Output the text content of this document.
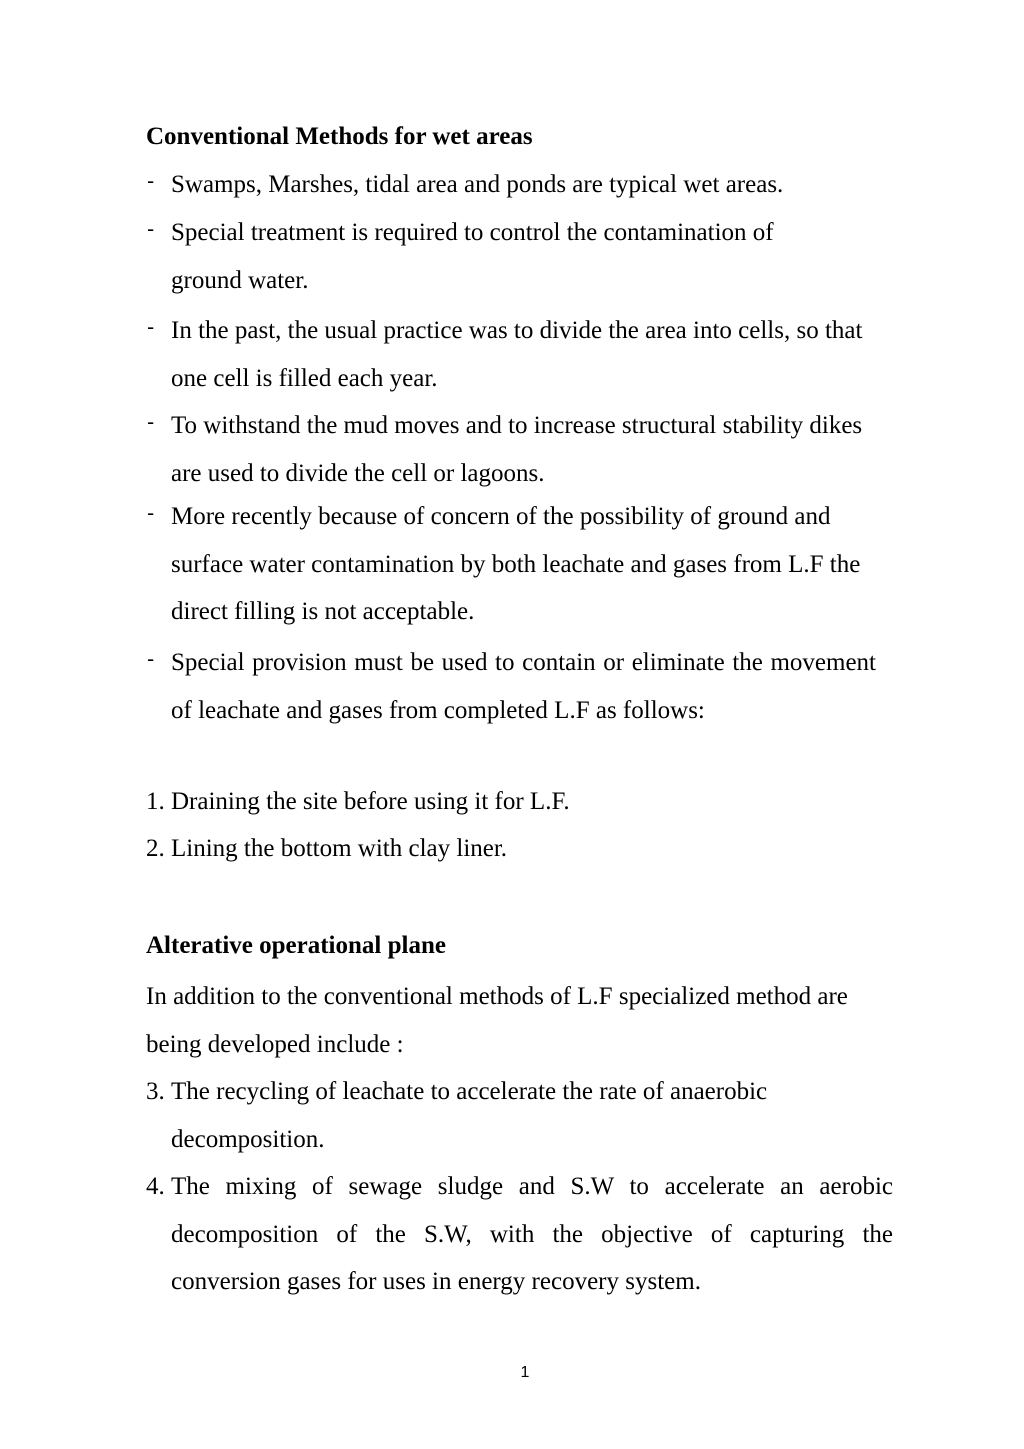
Conventional Methods for wet areas
- Swamps, Marshes, tidal area and ponds are typical wet areas.
- Special treatment is required to control the contamination of ground water.
- In the past, the usual practice was to divide the area into cells, so that one cell is filled each year.
- To withstand the mud moves and to increase structural stability dikes are used to divide the cell or lagoons.
- More recently because of concern of the possibility of ground and surface water contamination by both leachate and gases from L.F the direct filling is not acceptable.
- Special provision must be used to contain or eliminate the movement of leachate and gases from completed L.F as follows:
1. Draining the site before using it for L.F.
2. Lining the bottom with clay liner.
Alterative operational plane
In addition to the conventional methods of L.F specialized method are being developed include :
3. The recycling of leachate to accelerate the rate of anaerobic decomposition.
4. The mixing of sewage sludge and S.W to accelerate an aerobic decomposition of the S.W, with the objective of capturing the conversion gases for uses in energy recovery system.
1
